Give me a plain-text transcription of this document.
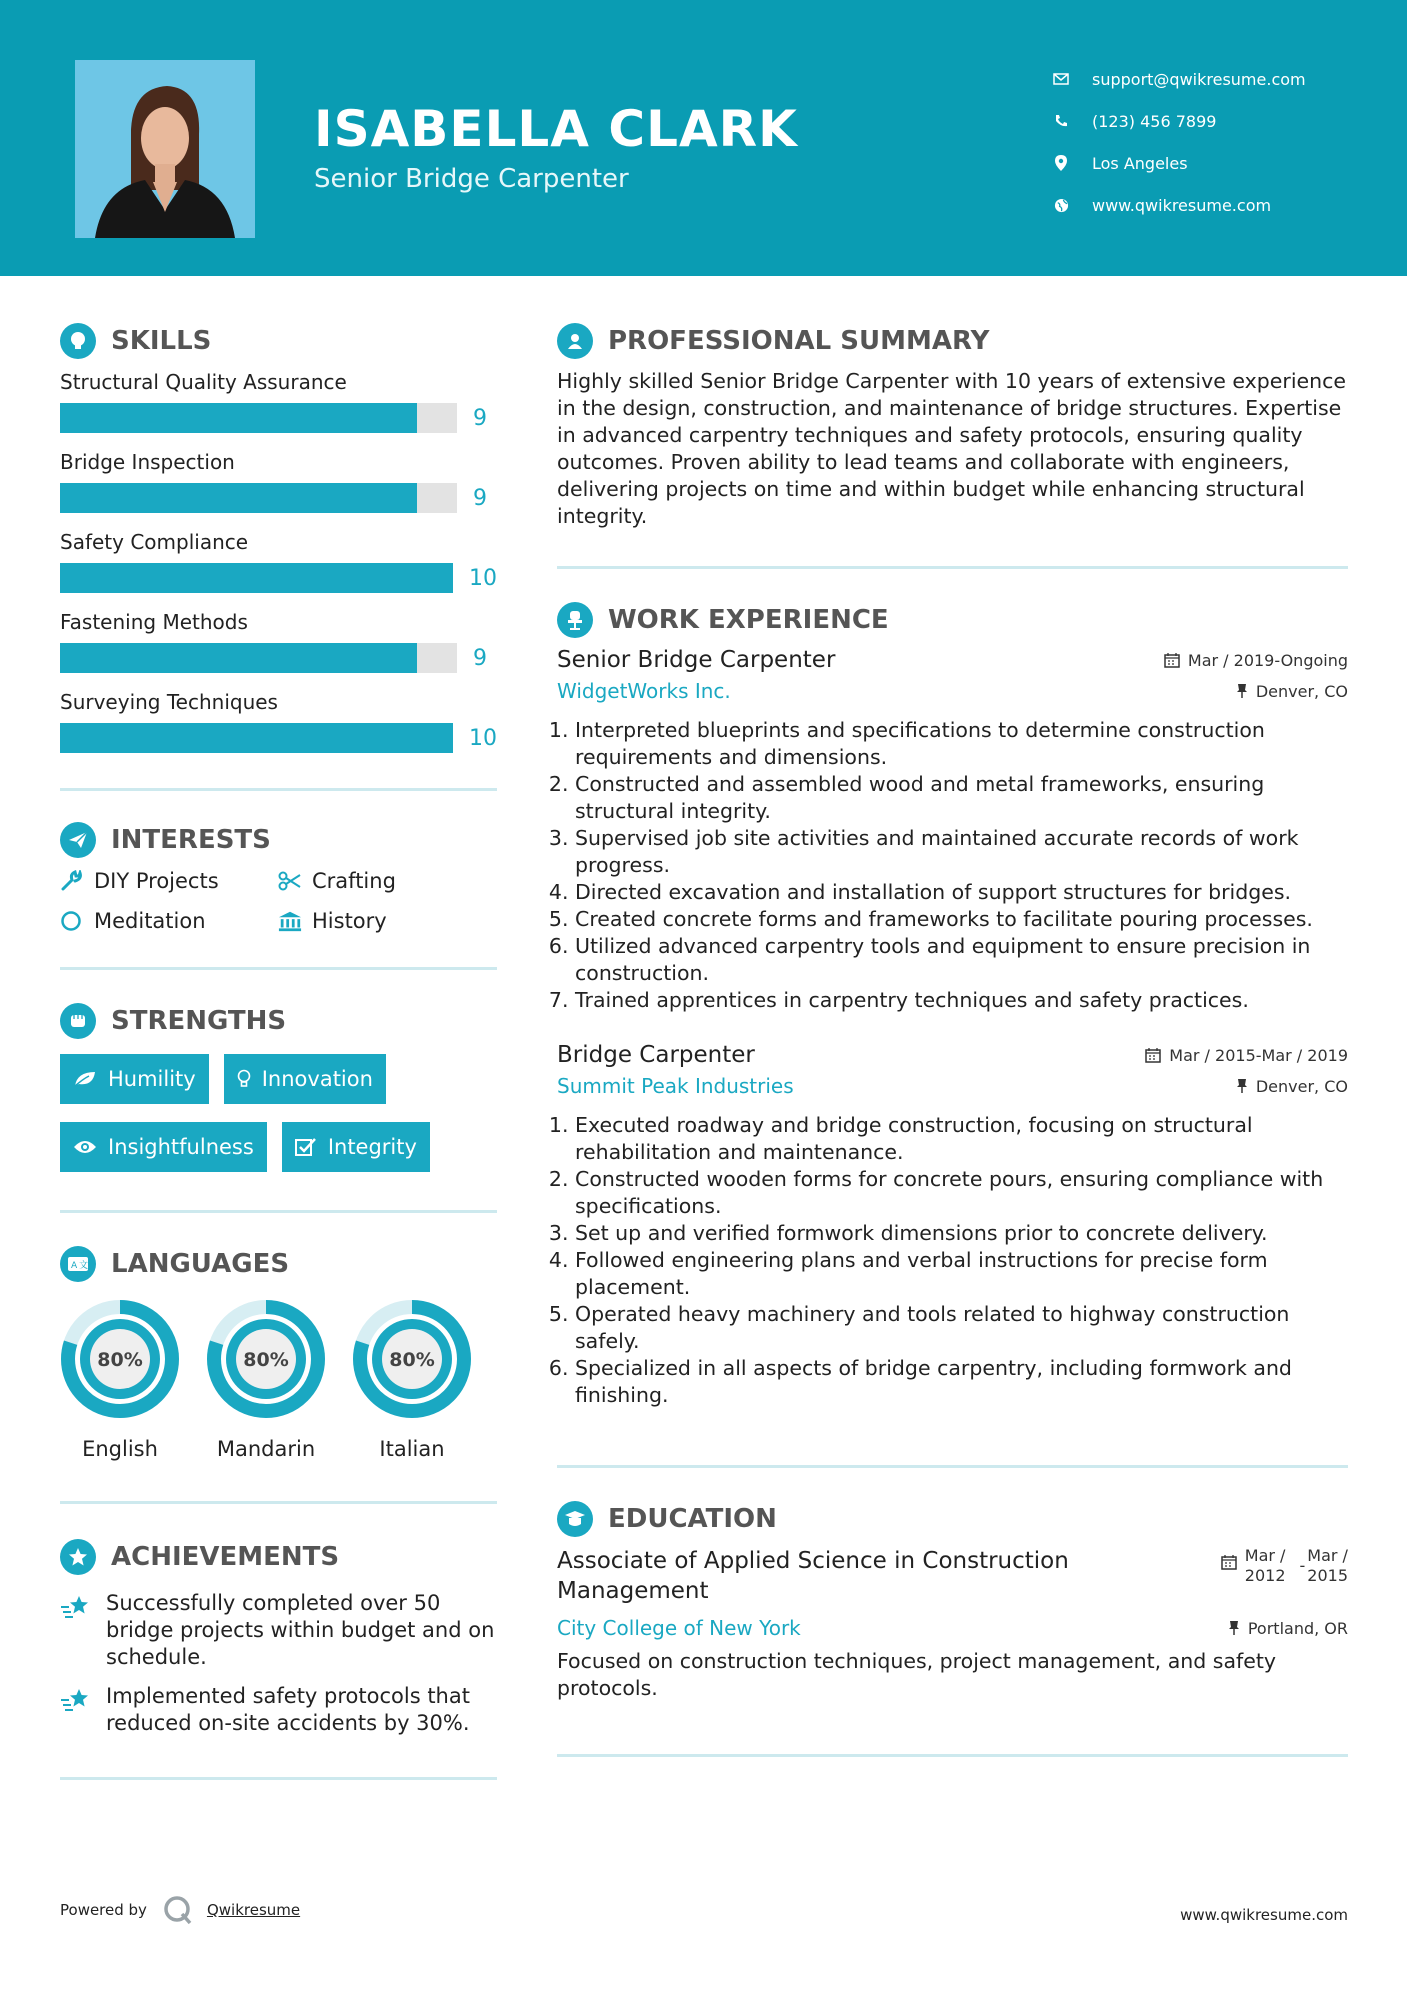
ISABELLA CLARK
Senior Bridge Carpenter
support@qwikresume.com
(123) 456 7899
Los Angeles
www.qwikresume.com
SKILLS
Structural Quality Assurance
9
Bridge Inspection
9
Safety Compliance
10
Fastening Methods
9
Surveying Techniques
10
INTERESTS
DIY Projects	Crafting
Meditation	History
STRENGTHS
Humility	Innovation
Insightfulness	Integrity
A 文 LANGUAGES
80%
English
80%
Mandarin
80%
Italian
ACHIEVEMENTS
Successfully completed over 50 bridge projects within budget and on schedule.
Implemented safety protocols that reduced on-site accidents by 30%.
PROFESSIONAL SUMMARY
Highly skilled Senior Bridge Carpenter with 10 years of extensive experience in the design, construction, and maintenance of bridge structures. Expertise in advanced carpentry techniques and safety protocols, ensuring quality outcomes. Proven ability to lead teams and collaborate with engineers, delivering projects on time and within budget while enhancing structural integrity.
WORK EXPERIENCE
Senior Bridge Carpenter	Mar / 2019-Ongoing
WidgetWorks Inc.	Denver, CO
1. Interpreted blueprints and specifications to determine construction requirements and dimensions.
2. Constructed and assembled wood and metal frameworks, ensuring structural integrity.
3. Supervised job site activities and maintained accurate records of work progress.
4. Directed excavation and installation of support structures for bridges.
5. Created concrete forms and frameworks to facilitate pouring processes.
6. Utilized advanced carpentry tools and equipment to ensure precision in construction.
7. Trained apprentices in carpentry techniques and safety practices.
Bridge Carpenter	Mar / 2015-Mar / 2019
Summit Peak Industries	Denver, CO
1. Executed roadway and bridge construction, focusing on structural rehabilitation and maintenance.
2. Constructed wooden forms for concrete pours, ensuring compliance with specifications.
3. Set up and verified formwork dimensions prior to concrete delivery.
4. Followed engineering plans and verbal instructions for precise form placement.
5. Operated heavy machinery and tools related to highway construction safely.
6. Specialized in all aspects of bridge carpentry, including formwork and finishing.
EDUCATION
Associate of Applied Science in Construction Management
Mar /
2012
-
Mar /
2015
City College of New York	Portland, OR
Focused on construction techniques, project management, and safety protocols.
Powered by	Qwikresume	www.qwikresume.com
